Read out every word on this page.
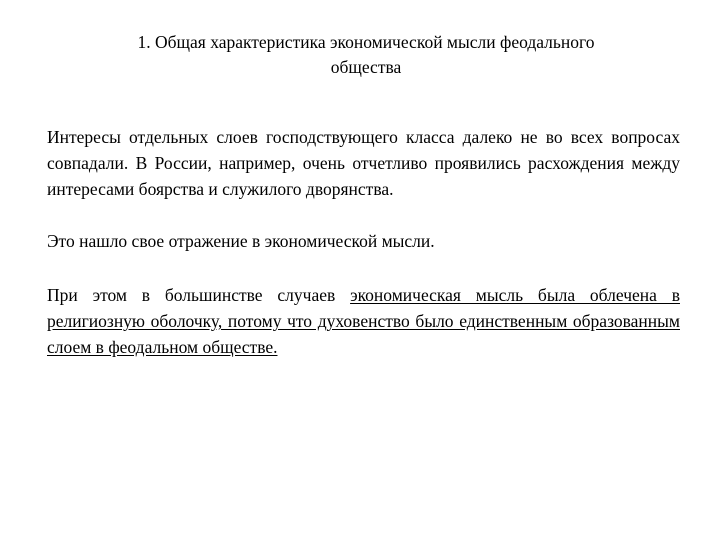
1. Общая характеристика экономической мысли феодального
общества

Интересы отдельных слоев господствующего класса далеко не во всех вопросах совпадали. В России, например, очень отчетливо проявились расхождения между интересами боярства и служилого дворянства.

Это нашло свое отражение в экономической мысли.

При этом в большинстве случаев экономическая мысль была облечена в религиозную оболочку, потому что духовенство было единственным образованным слоем в феодальном обществе.
